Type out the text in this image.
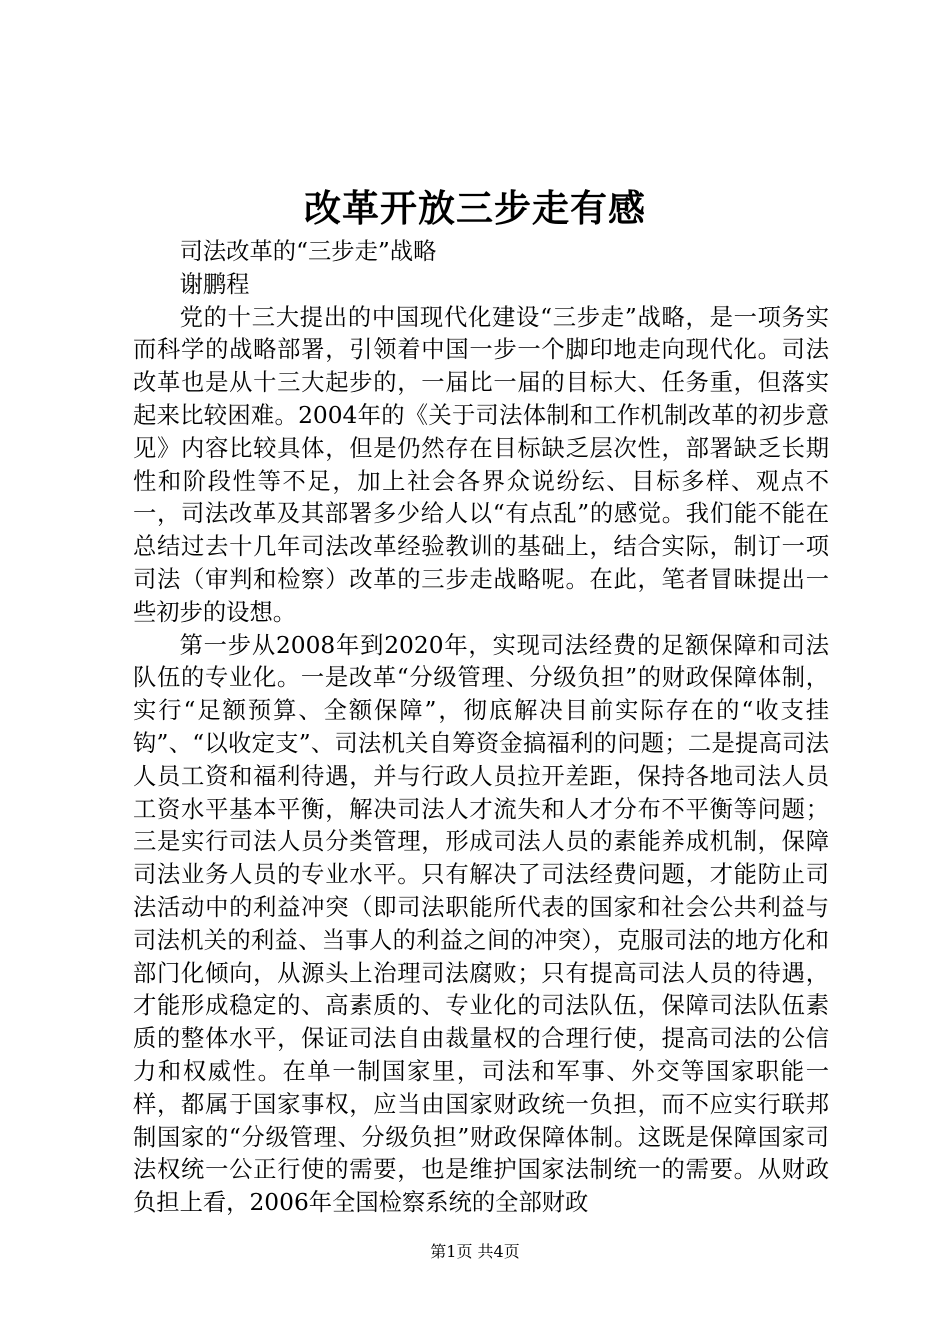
改革开放三步走有感

司法改革的“三步走”战略

谢鹏程

党的十三大提出的中国现代化建设“三步走”战略，是一项务实而科学的战略部署，引领着中国一步一个脚印地走向现代化。司法改革也是从十三大起步的，一届比一届的目标大、任务重，但落实起来比较困难。2004年的《关于司法体制和工作机制改革的初步意见》内容比较具体，但是仍然存在目标缺乏层次性，部署缺乏长期性和阶段性等不足，加上社会各界众说纷纭、目标多样、观点不一，司法改革及其部署多少给人以“有点乱”的感觉。我们能不能在总结过去十几年司法改革经验教训的基础上，结合实际，制订一项司法（审判和检察）改革的三步走战略呢。在此，笔者冒昧提出一些初步的设想。

第一步从2008年到2020年，实现司法经费的足额保障和司法队伍的专业化。一是改革“分级管理、分级负担”的财政保障体制，实行“足额预算、全额保障”，彻底解决目前实际存在的“收支挂钩”、“以收定支”、司法机关自筹资金搞福利的问题；二是提高司法人员工资和福利待遇，并与行政人员拉开差距，保持各地司法人员工资水平基本平衡，解决司法人才流失和人才分布不平衡等问题；三是实行司法人员分类管理，形成司法人员的素能养成机制，保障司法业务人员的专业水平。只有解决了司法经费问题，才能防止司法活动中的利益冲突（即司法职能所代表的国家和社会公共利益与司法机关的利益、当事人的利益之间的冲突），克服司法的地方化和部门化倾向，从源头上治理司法腐败；只有提高司法人员的待遇，才能形成稳定的、高素质的、专业化的司法队伍，保障司法队伍素质的整体水平，保证司法自由裁量权的合理行使，提高司法的公信力和权威性。在单一制国家里，司法和军事、外交等国家职能一样，都属于国家事权，应当由国家财政统一负担，而不应实行联邦制国家的“分级管理、分级负担”财政保障体制。这既是保障国家司法权统一公正行使的需要，也是维护国家法制统一的需要。从财政负担上看，2006年全国检察系统的全部财政

第1页 共4页
